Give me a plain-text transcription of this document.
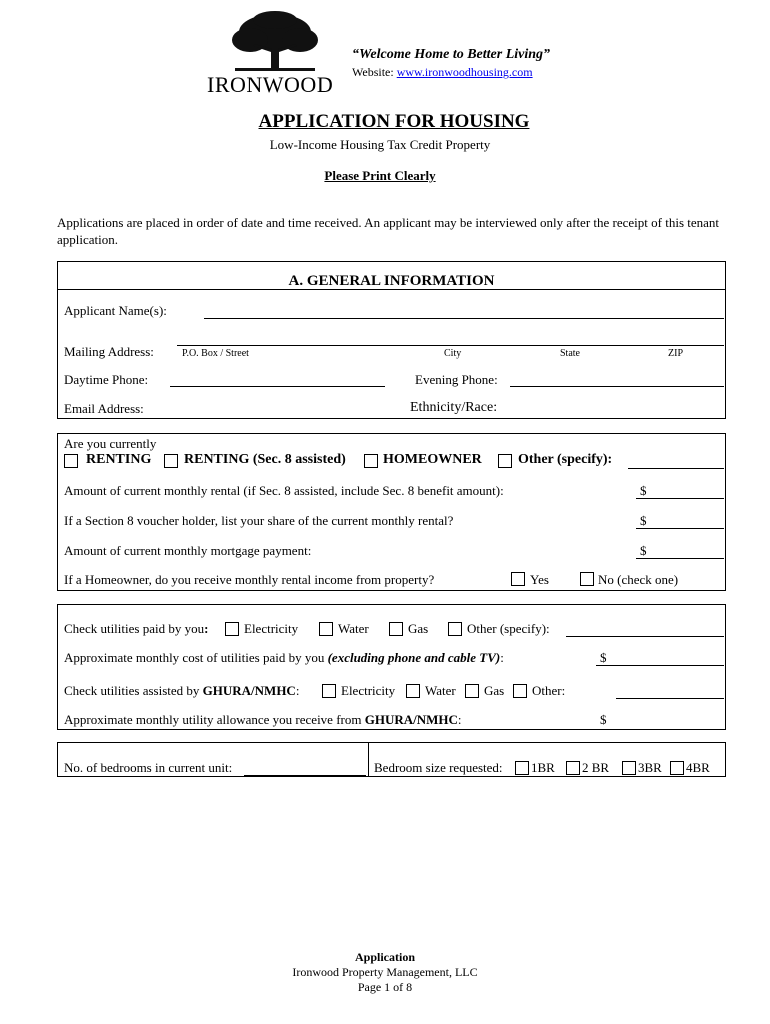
IRONWOOD
“Welcome Home to Better Living”
Website: www.ironwoodhousing.com
APPLICATION FOR HOUSING
Low-Income Housing Tax Credit Property
Please Print Clearly
Applications are placed in order of date and time received. An applicant may be interviewed only after the receipt of this tenant application.
A. GENERAL INFORMATION
Applicant Name(s):
Mailing Address:	P.O. Box / Street	City	State	ZIP
Daytime Phone:	Evening Phone:
Email Address:	Ethnicity/Race:
Are you currently
RENTING RENTING (Sec. 8 assisted)	HOMEOWNER	Other (specify):
Amount of current monthly rental (if Sec. 8 assisted, include Sec. 8 benefit amount):	$
If a Section 8 voucher holder, list your share of the current monthly rental?	$
Amount of current monthly mortgage payment:	$
If a Homeowner, do you receive monthly rental income from property?	Yes	No (check one)
Check utilities paid by you:	Electricity	Water	Gas	Other (specify):
Approximate monthly cost of utilities paid by you (excluding phone and cable TV):	$
Check utilities assisted by GHURA/NMHC:	Electricity Water Gas Other:
Approximate monthly utility allowance you receive from GHURA/NMHC:	$
No. of bedrooms in current unit:	Bedroom size requested: 1BR 2 BR 3BR 4BR
Application
Ironwood Property Management, LLC
Page 1 of 8
